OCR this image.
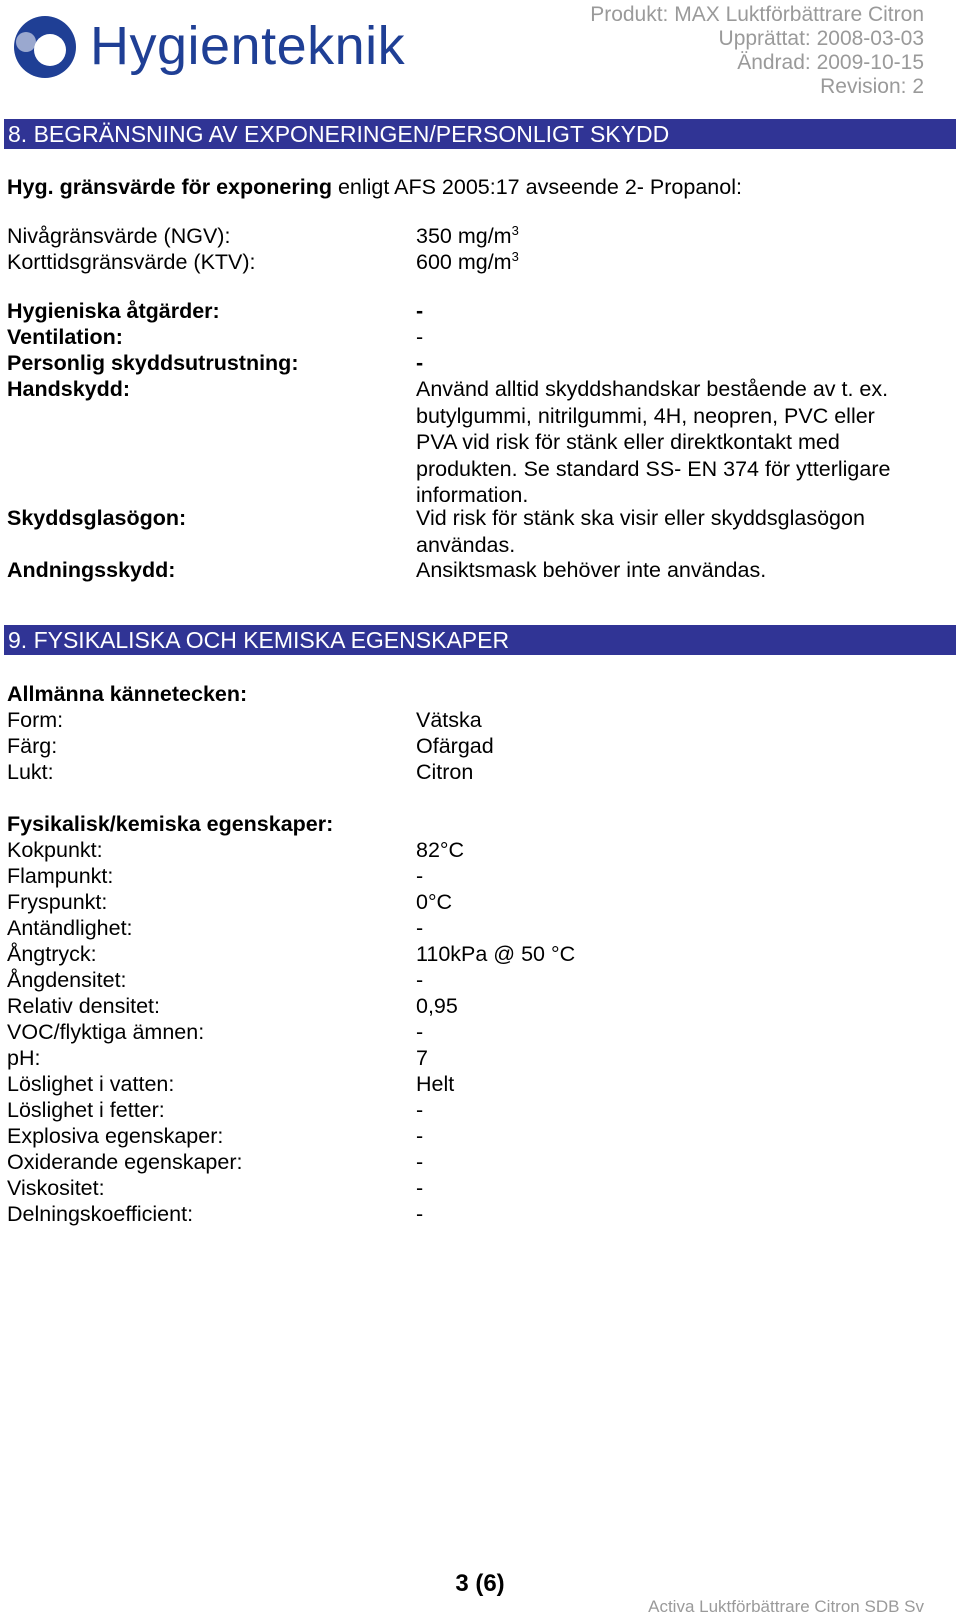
Hygienteknik
Produkt: MAX Luktförbättrare Citron
Upprättat: 2008-03-03
Ändrad: 2009-10-15
Revision: 2
8. BEGRÄNSNING AV EXPONERINGEN/PERSONLIGT SKYDD
Hyg. gränsvärde för exponering enligt AFS 2005:17 avseende 2- Propanol:
Nivågränsvärde (NGV):	350 $mg/m^3$
Korttidsgränsvärde (KTV):	600 $mg/m^3$
Hygieniska åtgärder:	-
Ventilation:	-
Personlig skyddsutrustning:	-
Handskydd:	Använd alltid skyddshandskar bestående av t. ex.
butylgummi, nitrilgummi, 4H, neopren, PVC eller
PVA vid risk för stänk eller direktkontakt med
produkten. Se standard SS- EN 374 för ytterligare
information.
Skyddsglasögon:	Vid risk för stänk ska visir eller skyddsglasögon
användas.
Andningsskydd:	Ansiktsmask behöver inte användas.
9. FYSIKALISKA OCH KEMISKA EGENSKAPER
Allmänna kännetecken:
Form:	Vätska
Färg:	Ofärgad
Lukt:	Citron
Fysikalisk/kemiska egenskaper:
Kokpunkt:	82°C
Flampunkt:	-
Fryspunkt:	0°C
Antändlighet:	-
Ångtryck:	110kPa @ 50 °C
Ångdensitet:	-
Relativ densitet:	0,95
VOC/flyktiga ämnen:	-
pH:	7
Löslighet i vatten:	Helt
Löslighet i fetter:	-
Explosiva egenskaper:	-
Oxiderande egenskaper:	-
Viskositet:	-
Delningskoefficient:	-
3 (6)
Activa Luktförbättrare Citron SDB Sv
